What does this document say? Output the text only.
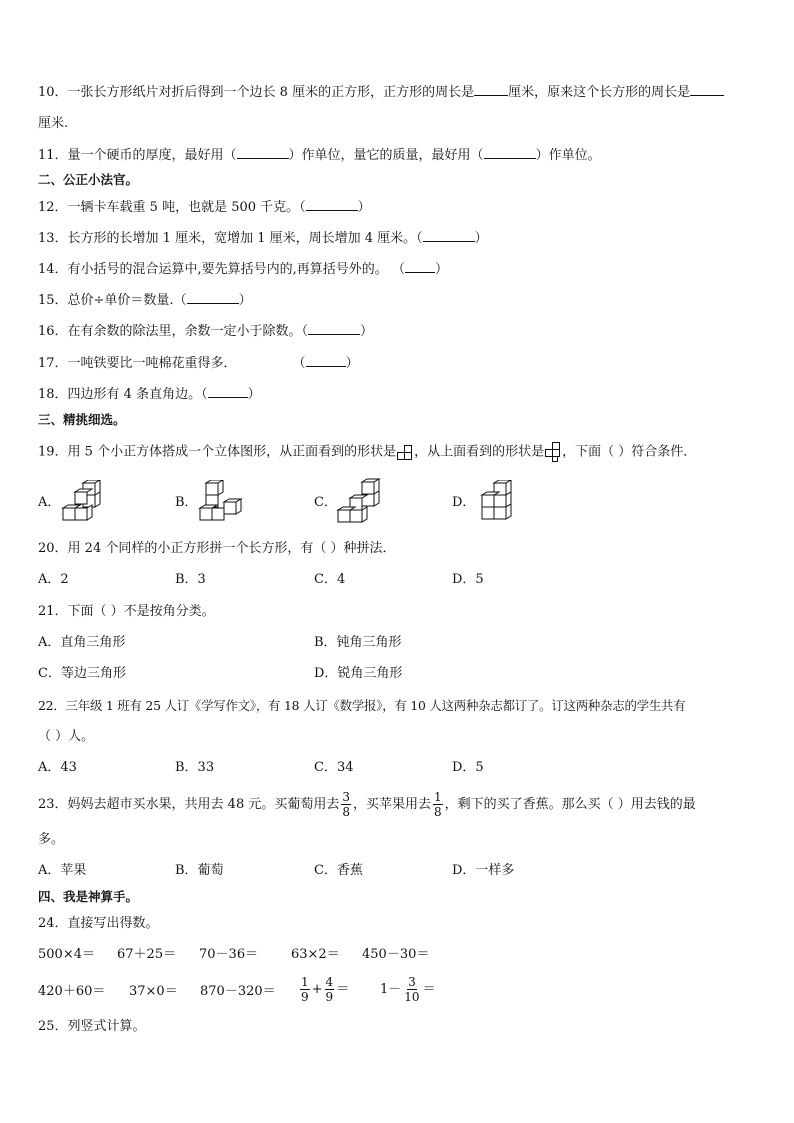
10．一张长方形纸片对折后得到一个边长 8 厘米的正方形，正方形的周长是	厘米，原来这个长方形的周长是
厘米.
11．量一个硬币的厚度，最好用（	）作单位，量它的质量，最好用（	）作单位。
二、公正小法官。
12．一辆卡车载重 5 吨，也就是 500 千克。（	）
13．长方形的长增加 1 厘米，宽增加 1 厘米，周长增加 4 厘米。（	）
14．有小括号的混合运算中,要先算括号内的,再算括号外的。 （ ）
15．总价÷单价＝数量.（	）
16．在有余数的除法里，余数一定小于除数。（	）
17．一吨铁要比一吨棉花重得多．	（	）
18．四边形有 4 条直角边。（	）
三、精挑细选。
19．用 5 个小正方体搭成一个立体图形，从正面看到的形状是 ，从上面看到的形状是 ，下面（ ）符合条件．
A．	B．	C．	D．
20．用 24 个同样的小正方形拼一个长方形，有（ ）种拼法．
A．2	B．3	C．4	D．5
21．下面（ ）不是按角分类。
A．直角三角形	B．钝角三角形
C．等边三角形	D．锐角三角形
22．三年级 1 班有 25 人订《学写作文》，有 18 人订《数学报》，有 10 人这两种杂志都订了。订这两种杂志的学生共有
（ ）人。
A．43	B．33	C．34	D．5
23．妈妈去超市买水果，共用去 48 元。买葡萄用去 $\frac{3}{8}$ ，买苹果用去 $\frac{1}{8}$ ，剩下的买了香蕉。那么买（ ）用去钱的最
多。
A．苹果	B．葡萄	C．香蕉	D．一样多
四、我是神算手。
24．直接写出得数。
500×4＝ 67＋25＝ 70－36＝	63×2＝ 450－30＝
$420+60= 37\times 0= 870-320= \frac{1}{9} + \frac{4}{9} = 1- \frac{3}{10}$ ＝
25．列竖式计算。
